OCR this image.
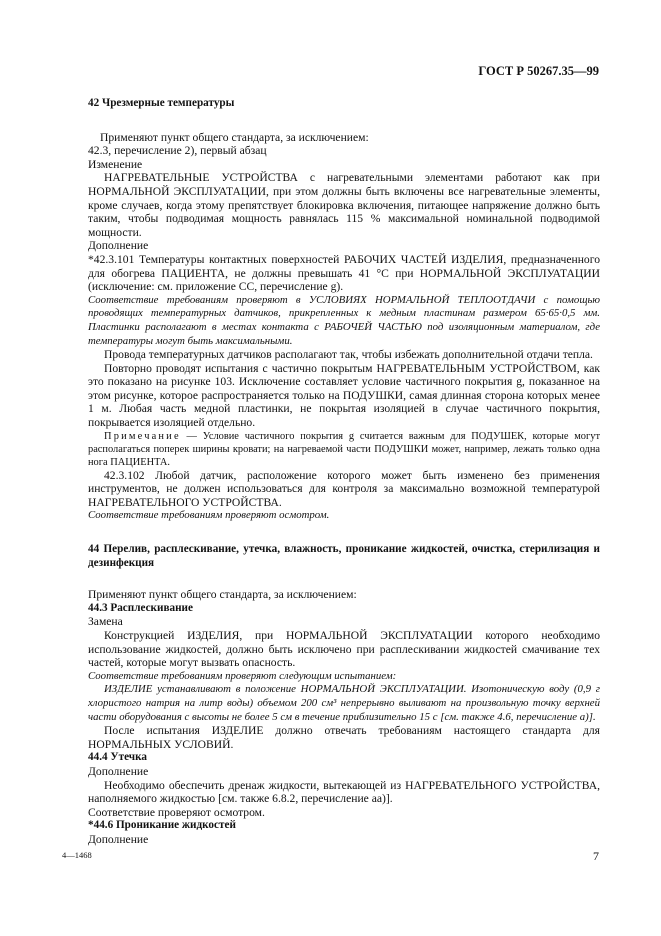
ГОСТ Р 50267.35—99

42 Чрезмерные температуры

Применяют пункт общего стандарта, за исключением:

42.3, перечисление 2), первый абзац

Изменение

НАГРЕВАТЕЛЬНЫЕ УСТРОЙСТВА с нагревательными элементами работают как при НОРМАЛЬНОЙ ЭКСПЛУАТАЦИИ, при этом должны быть включены все нагревательные элементы, кроме случаев, когда этому препятствует блокировка включения, питающее напряжение должно быть таким, чтобы подводимая мощность равнялась 115 % максимальной номинальной подводимой мощности.

Дополнение

*42.3.101 Температуры контактных поверхностей РАБОЧИХ ЧАСТЕЙ ИЗДЕЛИЯ, предназначенного для обогрева ПАЦИЕНТА, не должны превышать 41 °С при НОРМАЛЬНОЙ ЭКСПЛУАТАЦИИ (исключение: см. приложение СС, перечисление g).

Соответствие требованиям проверяют в УСЛОВИЯХ НОРМАЛЬНОЙ ТЕПЛООТДАЧИ с помощью проводящих температурных датчиков, прикрепленных к медным пластинам размером 65·65·0,5 мм. Пластинки располагают в местах контакта с РАБОЧЕЙ ЧАСТЬЮ под изоляционным материалом, где температуры могут быть максимальными.

Провода температурных датчиков располагают так, чтобы избежать дополнительной отдачи тепла.

Повторно проводят испытания с частично покрытым НАГРЕВАТЕЛЬНЫМ УСТРОЙСТВОМ, как это показано на рисунке 103. Исключение составляет условие частичного покрытия g, показанное на этом рисунке, которое распространяется только на ПОДУШКИ, самая длинная сторона которых менее 1 м. Любая часть медной пластинки, не покрытая изоляцией в случае частичного покрытия, покрывается изоляцией отдельно.

Примечание — Условие частичного покрытия g считается важным для ПОДУШЕК, которые могут располагаться поперек ширины кровати; на нагреваемой части ПОДУШКИ может, например, лежать только одна нога ПАЦИЕНТА.

42.3.102 Любой датчик, расположение которого может быть изменено без применения инструментов, не должен использоваться для контроля за максимально возможной температурой НАГРЕВАТЕЛЬНОГО УСТРОЙСТВА.

Соответствие требованиям проверяют осмотром.

44 Перелив, расплескивание, утечка, влажность, проникание жидкостей, очистка, стерилизация и дезинфекция

Применяют пункт общего стандарта, за исключением:

44.3 Расплескивание

Замена

Конструкцией ИЗДЕЛИЯ, при НОРМАЛЬНОЙ ЭКСПЛУАТАЦИИ которого необходимо использование жидкостей, должно быть исключено при расплескивании жидкостей смачивание тех частей, которые могут вызвать опасность.

Соответствие требованиям проверяют следующим испытанием:

ИЗДЕЛИЕ устанавливают в положение НОРМАЛЬНОЙ ЭКСПЛУАТАЦИИ. Изотоническую воду (0,9 г хлористого натрия на литр воды) объемом 200 см³ непрерывно выливают на произвольную точку верхней части оборудования с высоты не более 5 см в течение приблизительно 15 с [см. также 4.6, перечисление а)].

После испытания ИЗДЕЛИЕ должно отвечать требованиям настоящего стандарта для НОРМАЛЬНЫХ УСЛОВИЙ.

44.4 Утечка

Дополнение

Необходимо обеспечить дренаж жидкости, вытекающей из НАГРЕВАТЕЛЬНОГО УСТРОЙСТВА, наполняемого жидкостью [см. также 6.8.2, перечисление аа)].

Соответствие проверяют осмотром.

*44.6 Проникание жидкостей

Дополнение

4—1468	7
